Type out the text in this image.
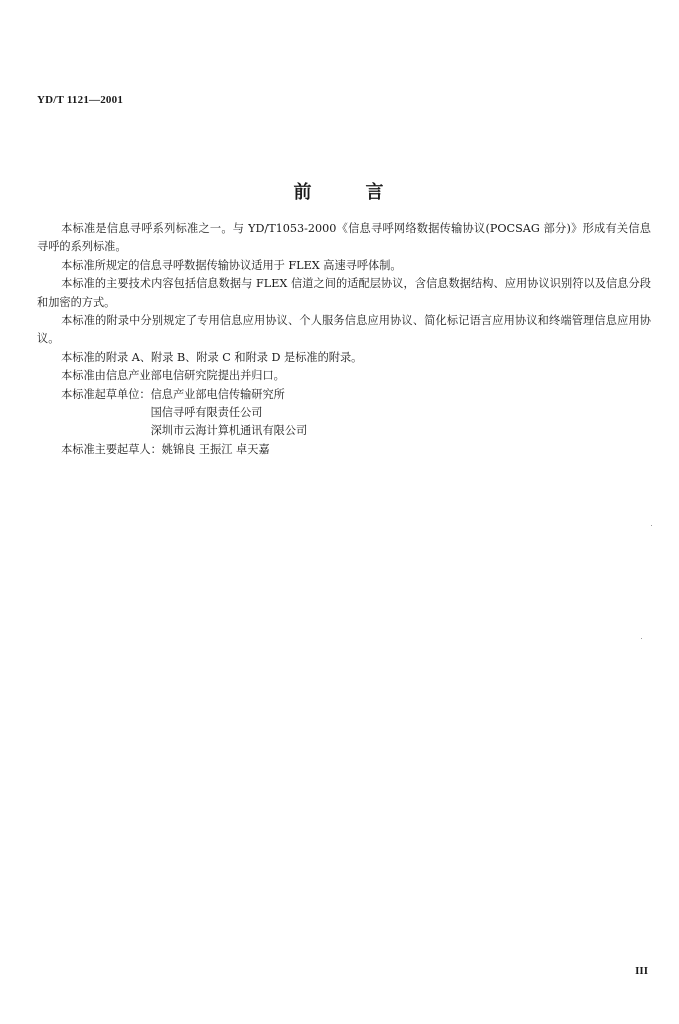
YD/T 1121—2001
前	言

本标准是信息寻呼系列标准之一。与 YD/T1053-2000《信息寻呼网络数据传输协议(POCSAG 部分)》形成有关信息寻呼的系列标准。

本标准所规定的信息寻呼数据传输协议适用于 FLEX 高速寻呼体制。

本标准的主要技术内容包括信息数据与 FLEX 信道之间的适配层协议，含信息数据结构、应用协议识别符以及信息分段和加密的方式。

本标准的附录中分别规定了专用信息应用协议、个人服务信息应用协议、简化标记语言应用协议和终端管理信息应用协议。

本标准的附录 A、附录 B、附录 C 和附录 D 是标准的附录。

本标准由信息产业部电信研究院提出并归口。

本标准起草单位： 信息产业部电信传输研究所
国信寻呼有限责任公司
深圳市云海计算机通讯有限公司

本标准主要起草人：姚锦良 王振江 卓天嘉

III
